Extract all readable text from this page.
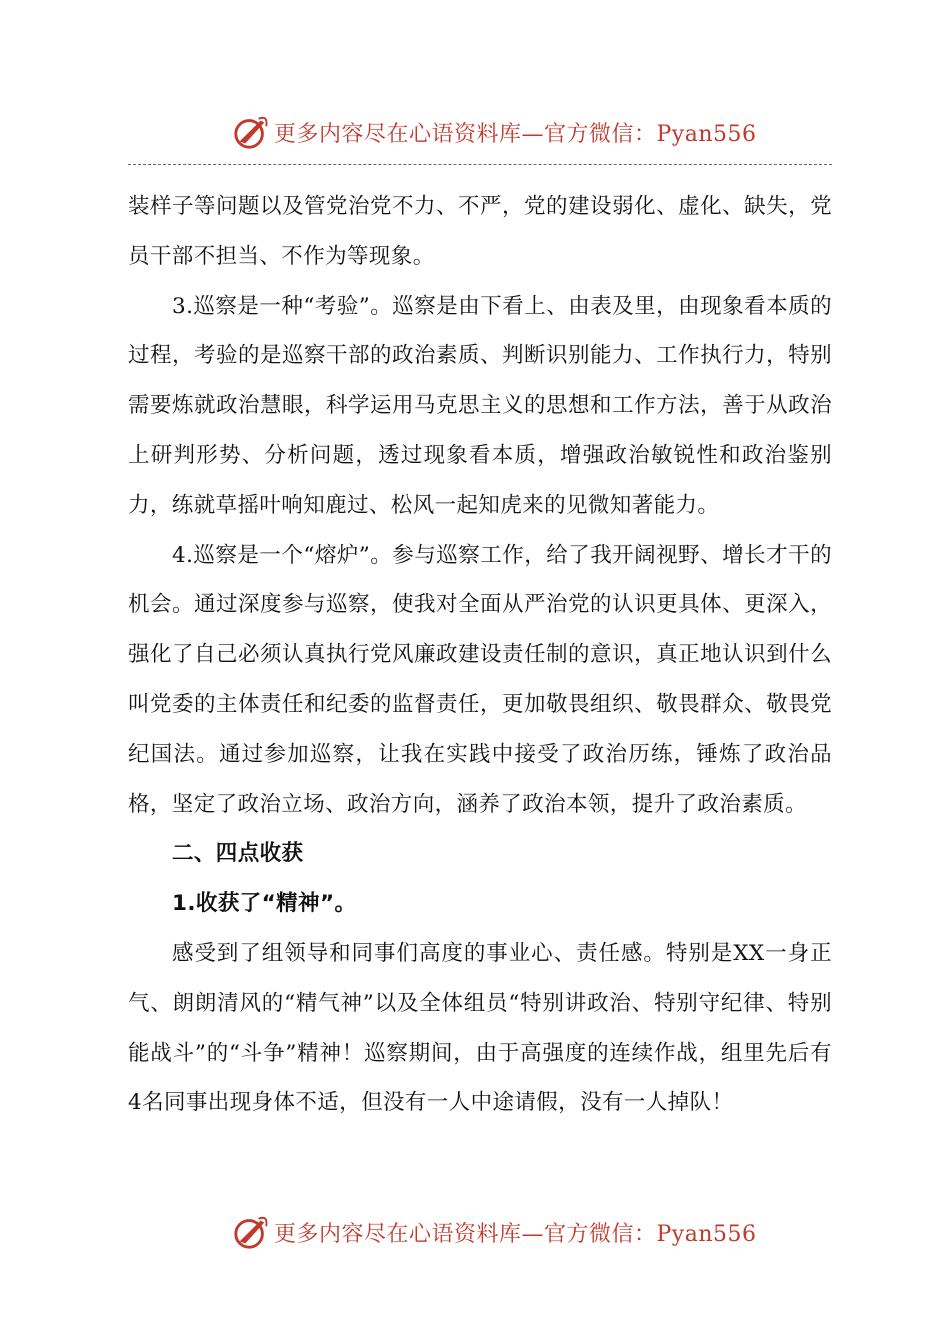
更多内容尽在心语资料库—官方微信：Pyan556

装样子等问题以及管党治党不力、不严，党的建设弱化、虚化、缺失，党员干部不担当、不作为等现象。

3.巡察是一种“考验”。巡察是由下看上、由表及里，由现象看本质的过程，考验的是巡察干部的政治素质、判断识别能力、工作执行力，特别需要炼就政治慧眼，科学运用马克思主义的思想和工作方法，善于从政治上研判形势、分析问题，透过现象看本质，增强政治敏锐性和政治鉴别力，练就草摇叶响知鹿过、松风一起知虎来的见微知著能力。

4.巡察是一个“熔炉”。参与巡察工作，给了我开阔视野、增长才干的机会。通过深度参与巡察，使我对全面从严治党的认识更具体、更深入，强化了自己必须认真执行党风廉政建设责任制的意识，真正地认识到什么叫党委的主体责任和纪委的监督责任，更加敬畏组织、敬畏群众、敬畏党纪国法。通过参加巡察，让我在实践中接受了政治历练，锤炼了政治品格，坚定了政治立场、政治方向，涵养了政治本领，提升了政治素质。

二、四点收获

1.收获了“精神”。

感受到了组领导和同事们高度的事业心、责任感。特别是XX一身正气、朗朗清风的“精气神”以及全体组员“特别讲政治、特别守纪律、特别能战斗”的“斗争”精神！巡察期间，由于高强度的连续作战，组里先后有4名同事出现身体不适，但没有一人中途请假，没有一人掉队！

更多内容尽在心语资料库—官方微信：Pyan556
